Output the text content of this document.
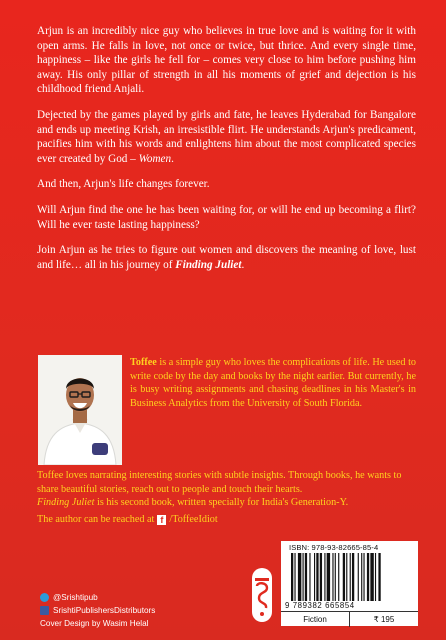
Arjun is an incredibly nice guy who believes in true love and is waiting for it with open arms. He falls in love, not once or twice, but thrice. And every single time, happiness – like the girls he fell for – comes very close to him before pushing him away. His only pillar of strength in all his moments of grief and dejection is his childhood friend Anjali.

Dejected by the games played by girls and fate, he leaves Hyderabad for Bangalore and ends up meeting Krish, an irresistible flirt. He understands Arjun's predicament, pacifies him with his words and enlightens him about the most complicated species ever created by God – Women.

And then, Arjun's life changes forever.

Will Arjun find the one he has been waiting for, or will he end up becoming a flirt? Will he ever taste lasting happiness?

Join Arjun as he tries to figure out women and discovers the meaning of love, lust and life… all in his journey of Finding Juliet.

Toffee is a simple guy who loves the complications of life. He used to write code by the day and books by the night earlier. But currently, he is busy writing assignments and chasing deadlines in his Master's in Business Analytics from the University of South Florida.

Toffee loves narrating interesting stories with subtle insights. Through books, he wants to share beautiful stories, reach out to people and touch their hearts.

Finding Juliet is his second book, written specially for India's Generation-Y.

The author can be reached at f /ToffeeIdiot
@Srishtipub
SrishtiPublishersDistributors
Cover Design by Wasim Helal
ISBN: 978-93-82665-85-4
9 789382 665854
Fiction	₹ 195
